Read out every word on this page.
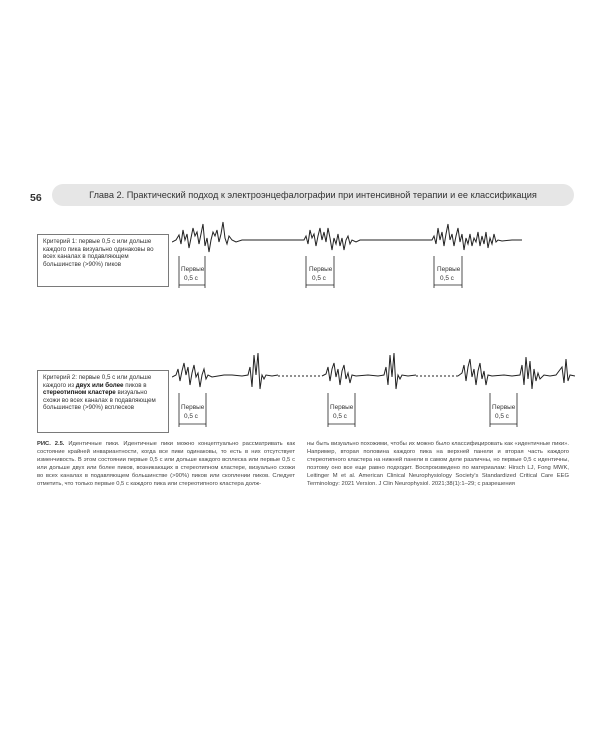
56	Глава 2. Практический подход к электроэнцефалографии при интенсивной терапии и ее классификация
Критерий 1: первые 0,5 с или дольше каждого пика визуально одинаковы во всех каналах в подавляющем большинстве (>90%) пиков
Первые
0,5 с
Первые
0,5 с
Первые
0,5 с
Критерий 2: первые 0,5 с или дольше каждого из двух или более пиков в стереотипном кластере визуально схожи во всех каналах в подавляющем большинстве (>90%) всплесков	Первые
0,5 с
Первые
0,5 с
Первые
0,5 с
РИС. 2.5. Идентичные пики. Идентичные пики можно концептуально рассматривать как состояние крайней инвариантности, когда все пики одинаковы, то есть в них отсутствует изменчивость. В этом состоянии первые 0,5 с или дольше каждого всплеска или первые 0,5 с или дольше двух или более пиков, возникающих в стереотипном кластере, визуально схожи во всех каналах в подавляющем большинстве (>90%) пиков или скоплении пиков. Следует отметить, что только первые 0,5 с каждого пика или стереотипного кластера долж-
ны быть визуально похожими, чтобы их можно было классифицировать как «идентичные пики». Например, вторая половина каждого пика на верхней панели и вторая часть каждого стереотипного кластера на нижней панели в самом деле различны, но первые 0,5 с идентичны, поэтому оно все еще равно подходит. Воспроизведено по материалам: Hirsch LJ, Fong MWK, Leitinger M et al. American Clinical Neurophysiology Society's Standardized Critical Care EEG Terminology: 2021 Version. J Clin Neurophysiol. 2021;38(1):1–29; с разрешения
